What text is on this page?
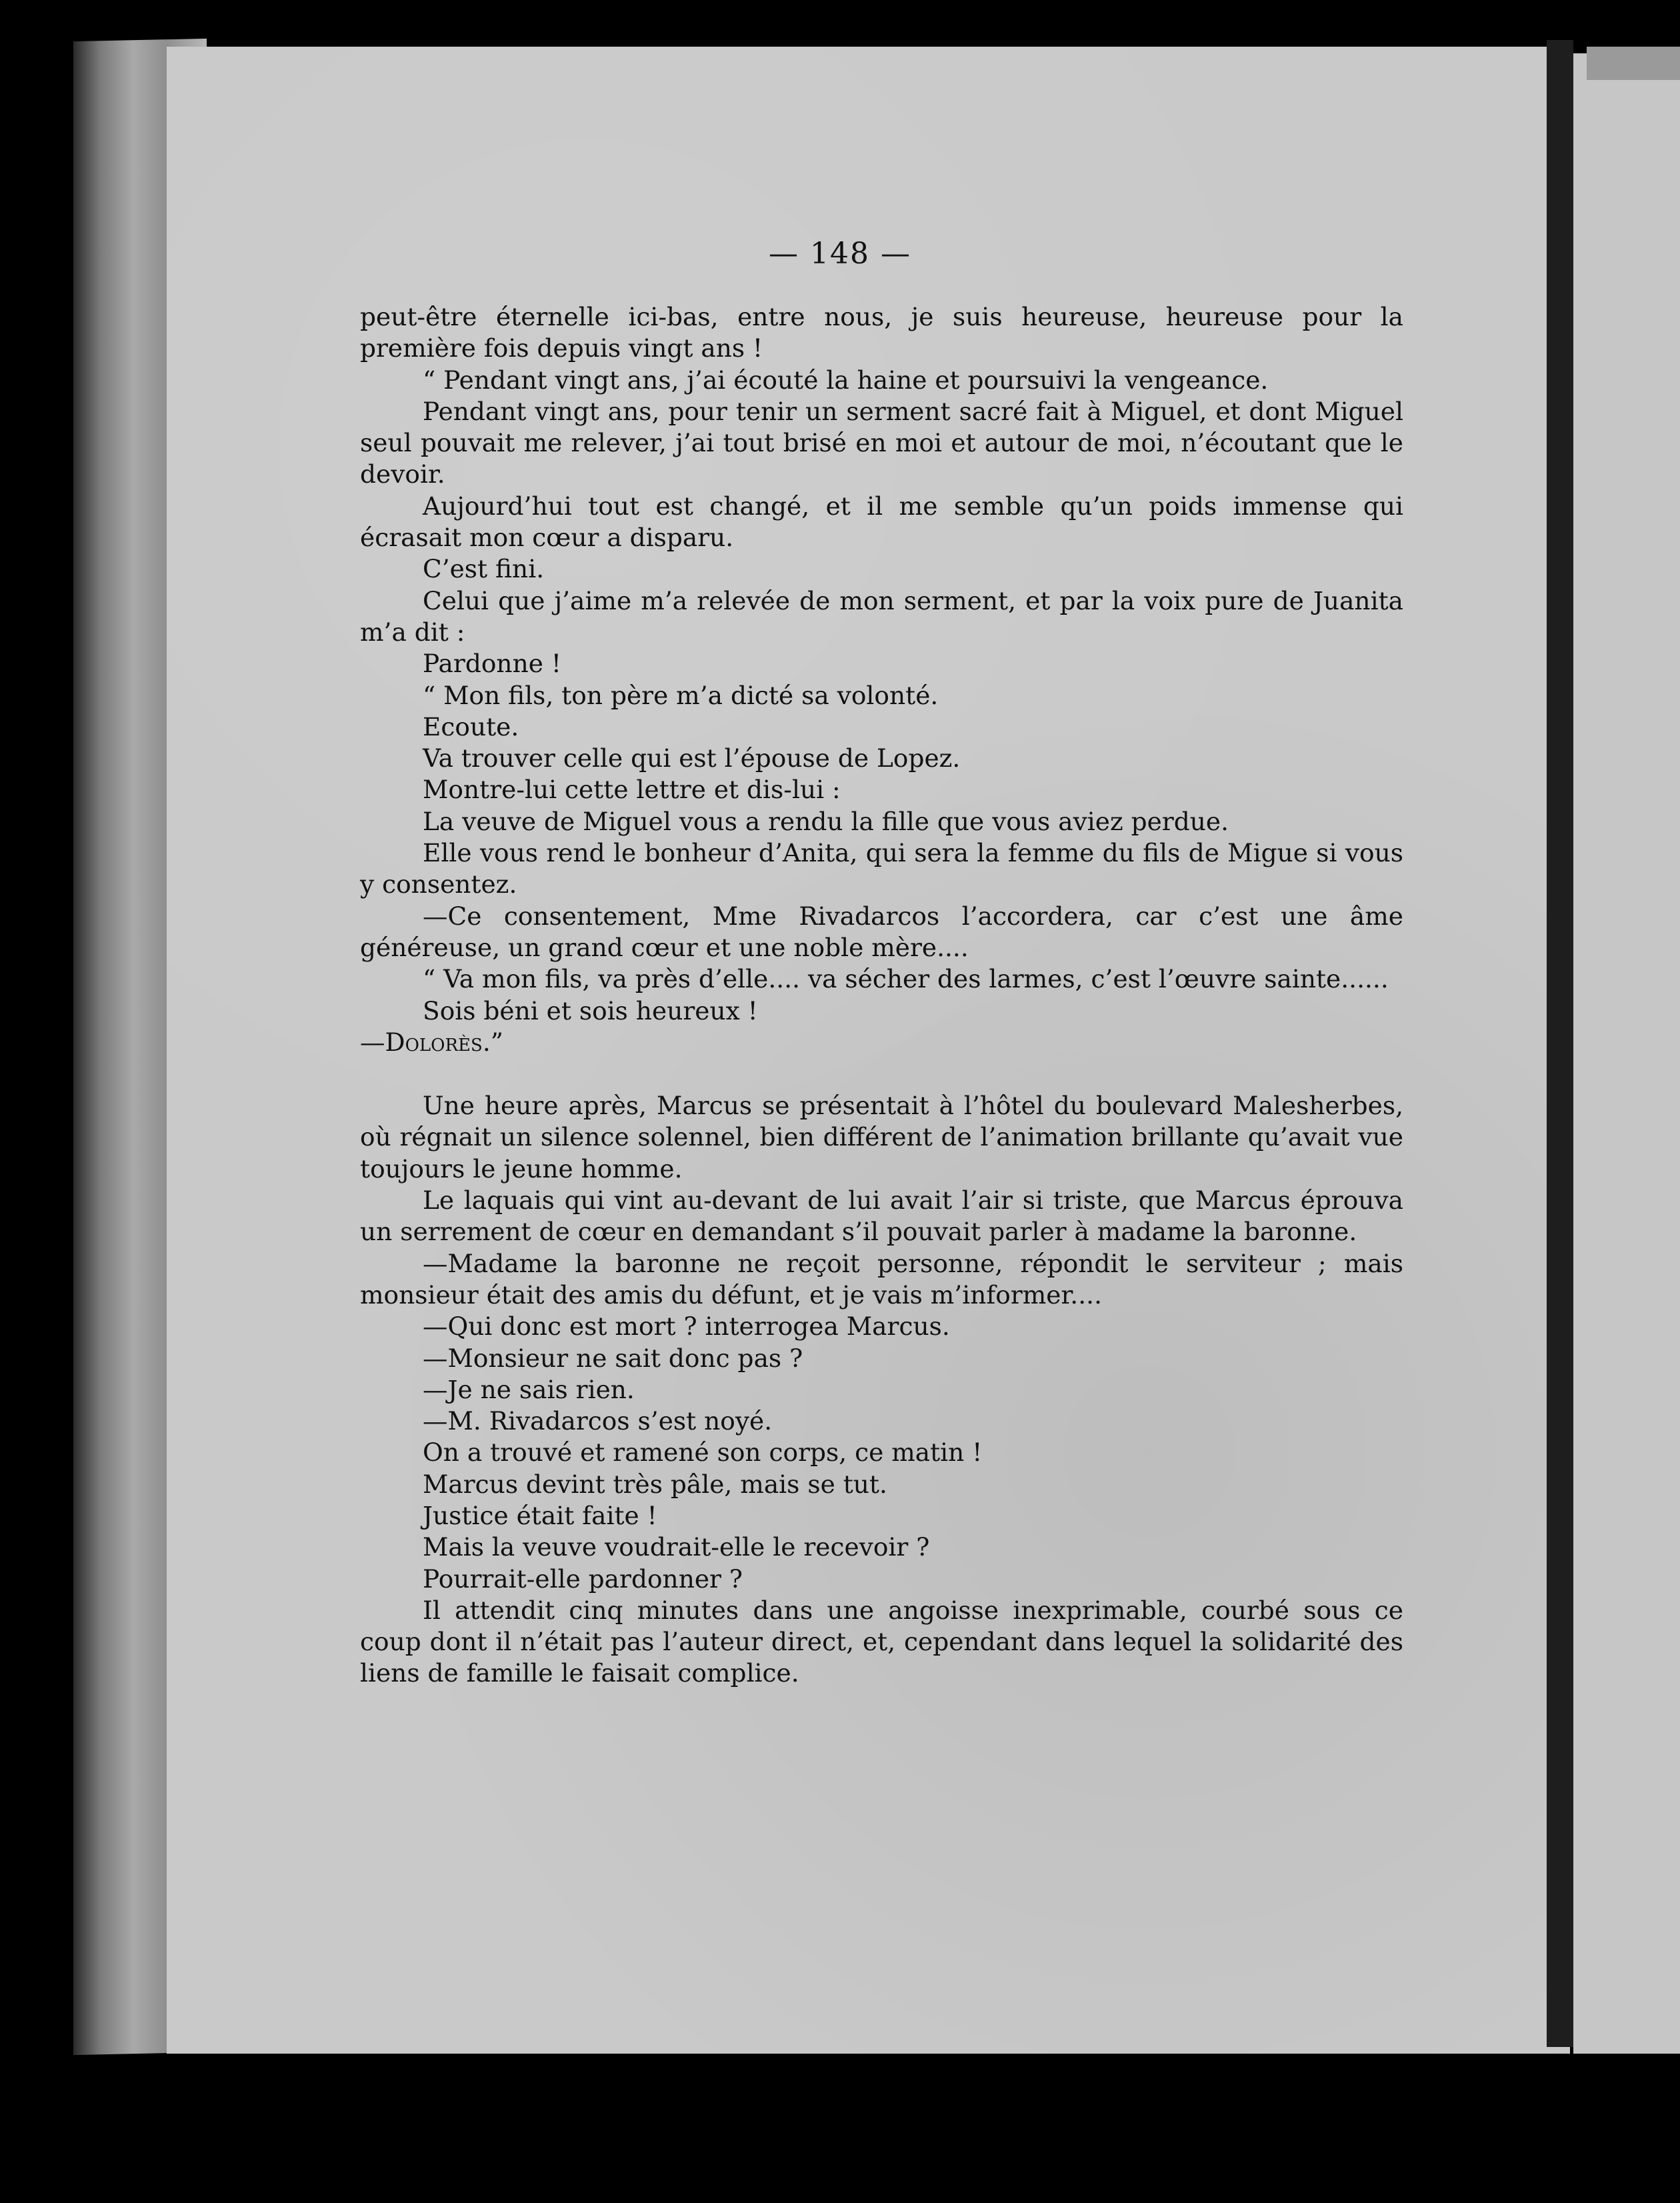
— 148 —

peut-être éternelle ici-bas, entre nous, je suis heureuse, heureuse pour la première fois depuis vingt ans !

“ Pendant vingt ans, j’ai écouté la haine et poursuivi la vengeance.

Pendant vingt ans, pour tenir un serment sacré fait à Miguel, et dont Miguel seul pouvait me relever, j’ai tout brisé en moi et autour de moi, n’écoutant que le devoir.

Aujourd’hui tout est changé, et il me semble qu’un poids immense qui écrasait mon cœur a disparu.

C’est fini.

Celui que j’aime m’a relevée de mon serment, et par la voix pure de Juanita m’a dit :

Pardonne !

“ Mon fils, ton père m’a dicté sa volonté.

Ecoute.

Va trouver celle qui est l’épouse de Lopez.

Montre-lui cette lettre et dis-lui :

La veuve de Miguel vous a rendu la fille que vous aviez perdue.

Elle vous rend le bonheur d’Anita, qui sera la femme du fils de Migue si vous y consentez.

—Ce consentement, Mme Rivadarcos l’accordera, car c’est une âme généreuse, un grand cœur et une noble mère....

“ Va mon fils, va près d’elle.... va sécher des larmes, c’est l’œuvre sainte......

Sois béni et sois heureux !

—Dolorès.”

Une heure après, Marcus se présentait à l’hôtel du boulevard Malesherbes, où régnait un silence solennel, bien différent de l’animation brillante qu’avait vue toujours le jeune homme.

Le laquais qui vint au-devant de lui avait l’air si triste, que Marcus éprouva un serrement de cœur en demandant s’il pouvait parler à madame la baronne.

—Madame la baronne ne reçoit personne, répondit le serviteur ; mais monsieur était des amis du défunt, et je vais m’informer....

—Qui donc est mort ? interrogea Marcus.

—Monsieur ne sait donc pas ?

—Je ne sais rien.

—M. Rivadarcos s’est noyé.

On a trouvé et ramené son corps, ce matin !

Marcus devint très pâle, mais se tut.

Justice était faite !

Mais la veuve voudrait-elle le recevoir ?

Pourrait-elle pardonner ?

Il attendit cinq minutes dans une angoisse inexprimable, courbé sous ce coup dont il n’était pas l’auteur direct, et, cependant dans lequel la solidarité des liens de famille le faisait complice.
